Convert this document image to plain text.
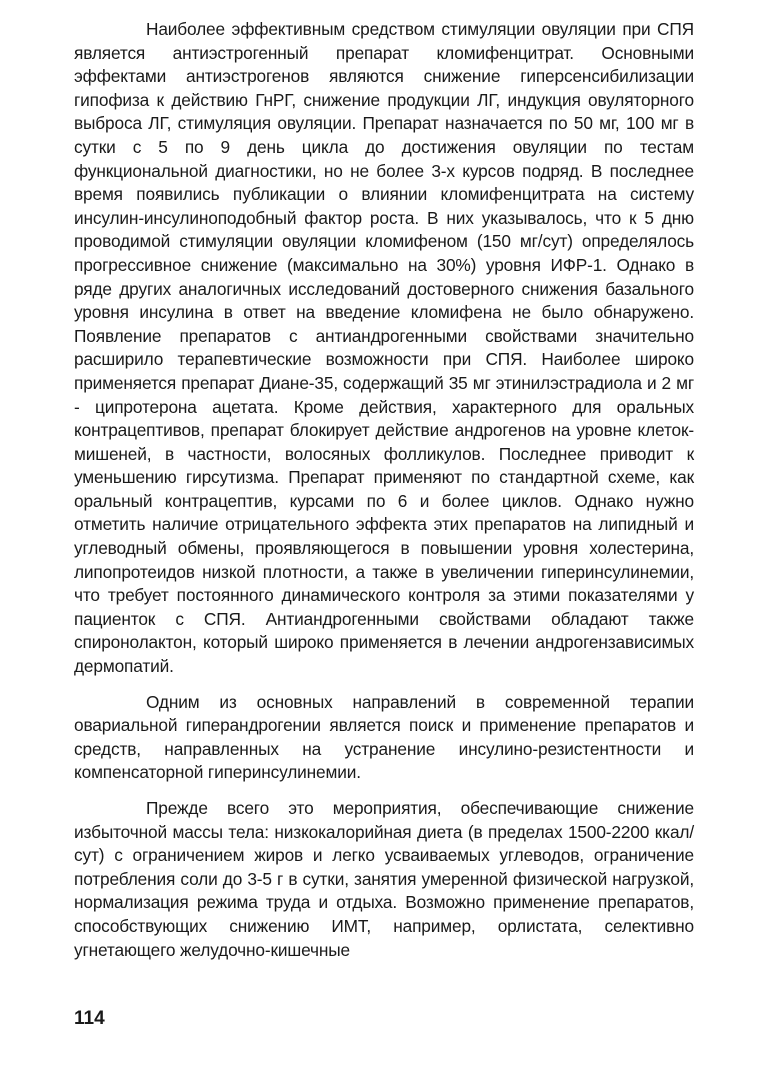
Наиболее эффективным средством стимуляции овуляции при СПЯ является антиэстрогенный препарат кломифенцитрат. Основными эффектами антиэстрогенов являются снижение гиперсенсибилизации гипофиза к действию ГнРГ, снижение продукции ЛГ, индукция овуляторного выброса ЛГ, стимуляция овуляции. Препарат назначается по 50 мг, 100 мг в сутки с 5 по 9 день цикла до достижения овуляции по тестам функциональной диагностики, но не более 3-х курсов подряд. В последнее время появились публикации о влиянии кломифенцитрата на систему инсулин-инсулиноподобный фактор роста. В них указывалось, что к 5 дню проводимой стимуляции овуляции кломифеном (150 мг/сут) определялось прогрессивное снижение (максимально на 30%) уровня ИФР-1. Однако в ряде других аналогичных исследований достоверного снижения базального уровня инсулина в ответ на введение кломифена не было обнаружено. Появление препаратов с антиандрогенными свойствами значительно расширило терапевтические возможности при СПЯ. Наиболее широко применяется препарат Диане-35, содержащий 35 мг этинилэстрадиола и 2 мг - ципротерона ацетата. Кроме действия, характерного для оральных контрацептивов, препарат блокирует действие андрогенов на уровне клеток-мишеней, в частности, волосяных фолликулов. Последнее приводит к уменьшению гирсутизма. Препарат применяют по стандартной схеме, как оральный контрацептив, курсами по 6 и более циклов. Однако нужно отметить наличие отрицательного эффекта этих препаратов на липидный и углеводный обмены, проявляющегося в повышении уровня холестерина, липопротеидов низкой плотности, а также в увеличении гиперинсулинемии, что требует постоянного динамического контроля за этими показателями у пациенток с СПЯ. Антиандрогенными свойствами обладают также спиронолактон, который широко применяется в лечении андрогензависимых дермопатий.

Одним из основных направлений в современной терапии овариальной гиперандрогении является поиск и применение препаратов и средств, направленных на устранение инсулино-резистентности и компенсаторной гиперинсулинемии.

Прежде всего это мероприятия, обеспечивающие снижение избыточной массы тела: низкокалорийная диета (в пределах 1500-2200 ккал/сут) с ограничением жиров и легко усваиваемых углеводов, ограничение потребления соли до 3-5 г в сутки, занятия умеренной физической нагрузкой, нормализация режима труда и отдыха. Возможно применение препаратов, способствующих снижению ИМТ, например, орлистата, селективно угнетающего желудочно-кишечные

114
